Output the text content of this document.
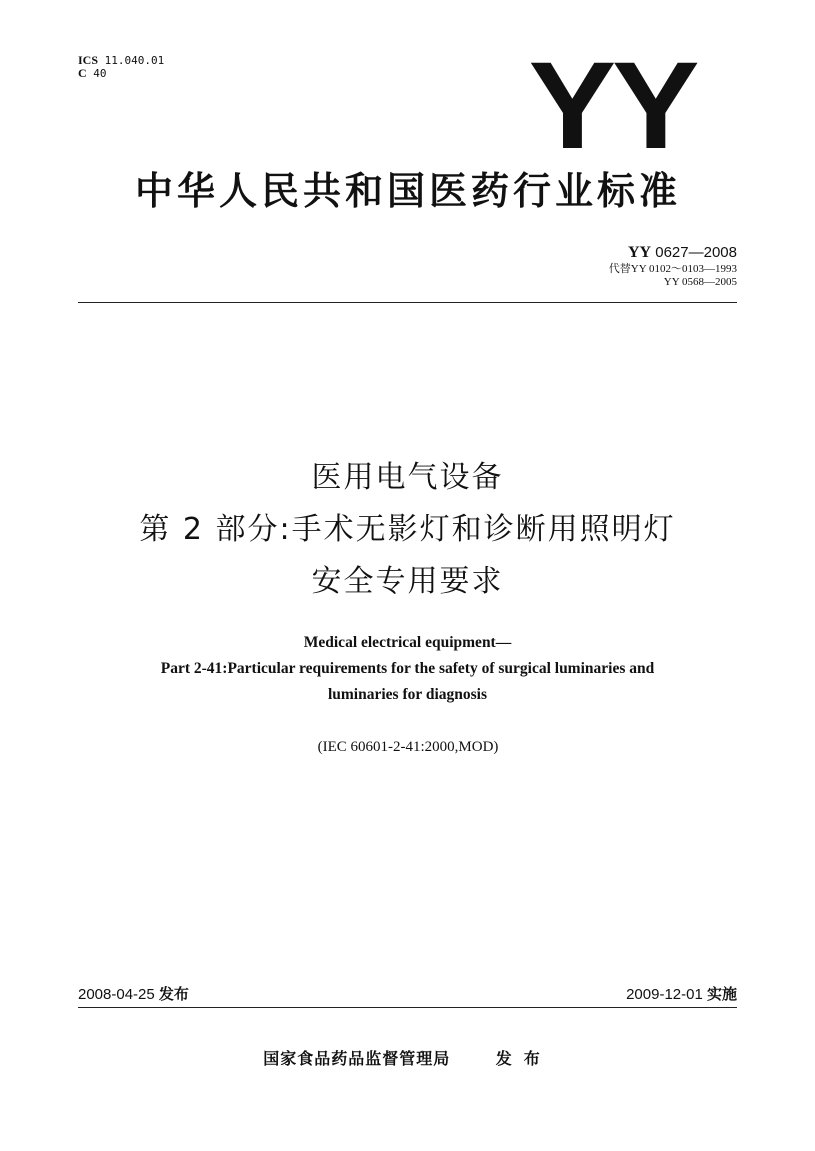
ICS 11.040.01
C 40	YY
中华人民共和国医药行业标准
YY 0627—2008
代替YY 0102～0103—1993
YY 0568—2005
医用电气设备
第 2 部分:手术无影灯和诊断用照明灯
安全专用要求
Medical electrical equipment—
Part 2-41:Particular requirements for the safety of surgical luminaries and
luminaries for diagnosis
(IEC 60601-2-41:2000,MOD)
2008-04-25 发布	2009-12-01 实施
国家食品药品监督管理局	发布
